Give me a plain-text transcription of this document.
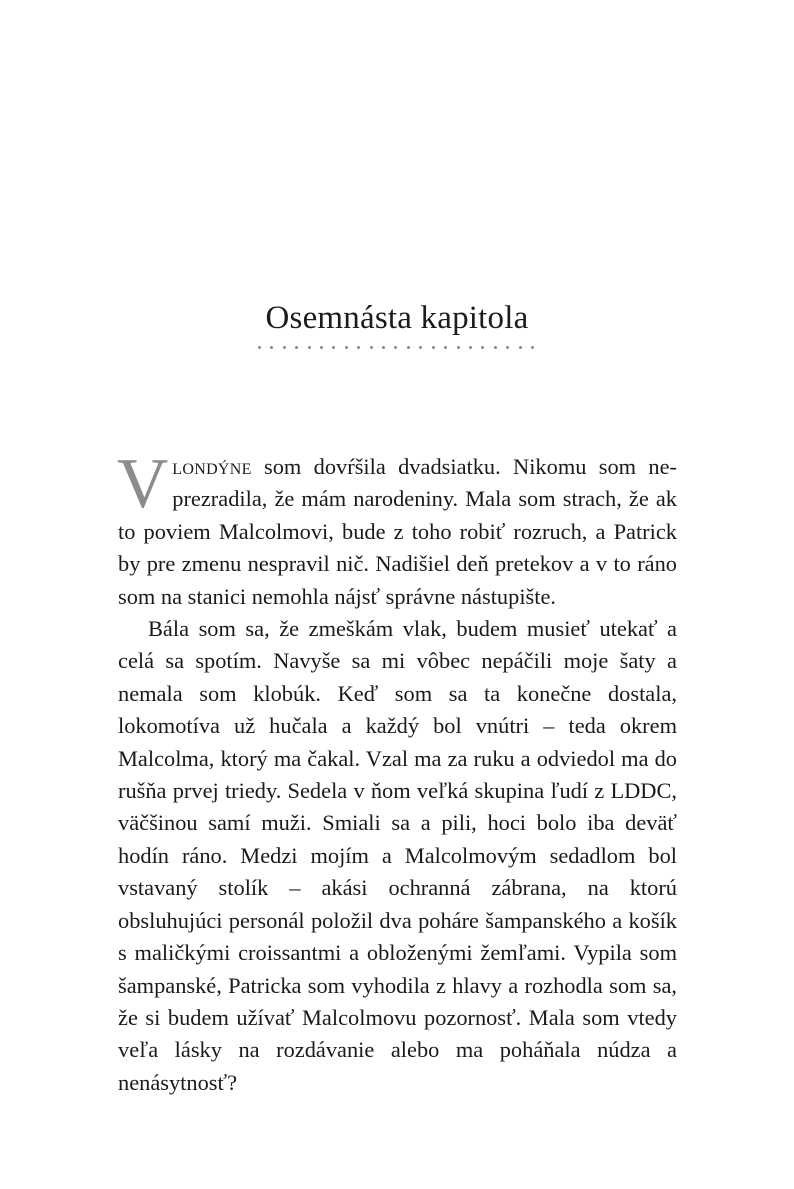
Osemnásta kapitola

Vlondýne som dovŕšila dvadsiatku. Nikomu som neprezradila, že mám narodeniny. Mala som strach, že ak to poviem Malcolmovi, bude z toho robiť rozruch, a Patrick by pre zmenu nespravil nič. Nadišiel deň pretekov a v to ráno som na stanici nemohla nájsť správne nástupište.

Bála som sa, že zmeškám vlak, budem musieť utekať a celá sa spotím. Navyše sa mi vôbec nepáčili moje šaty a nemala som klobúk. Keď som sa ta konečne dostala, lokomotíva už hučala a každý bol vnútri – teda okrem Malcolma, ktorý ma čakal. Vzal ma za ruku a odviedol ma do rušňa prvej triedy. Sedela v ňom veľká skupina ľudí z LDDC, väčšinou samí muži. Smiali sa a pili, hoci bolo iba deväť hodín ráno. Medzi mojím a Malcolmovým sedadlom bol vstavaný stolík – akási ochranná zábrana, na ktorú obsluhujúci personál položil dva poháre šampanského a košík s maličkými croissantmi a obloženými žemľami. Vypila som šampanské, Patricka som vyhodila z hlavy a rozhodla som sa, že si budem užívať Malcolmovu pozornosť. Mala som vtedy veľa lásky na rozdávanie alebo ma poháňala núdza a nenásytnosť?
